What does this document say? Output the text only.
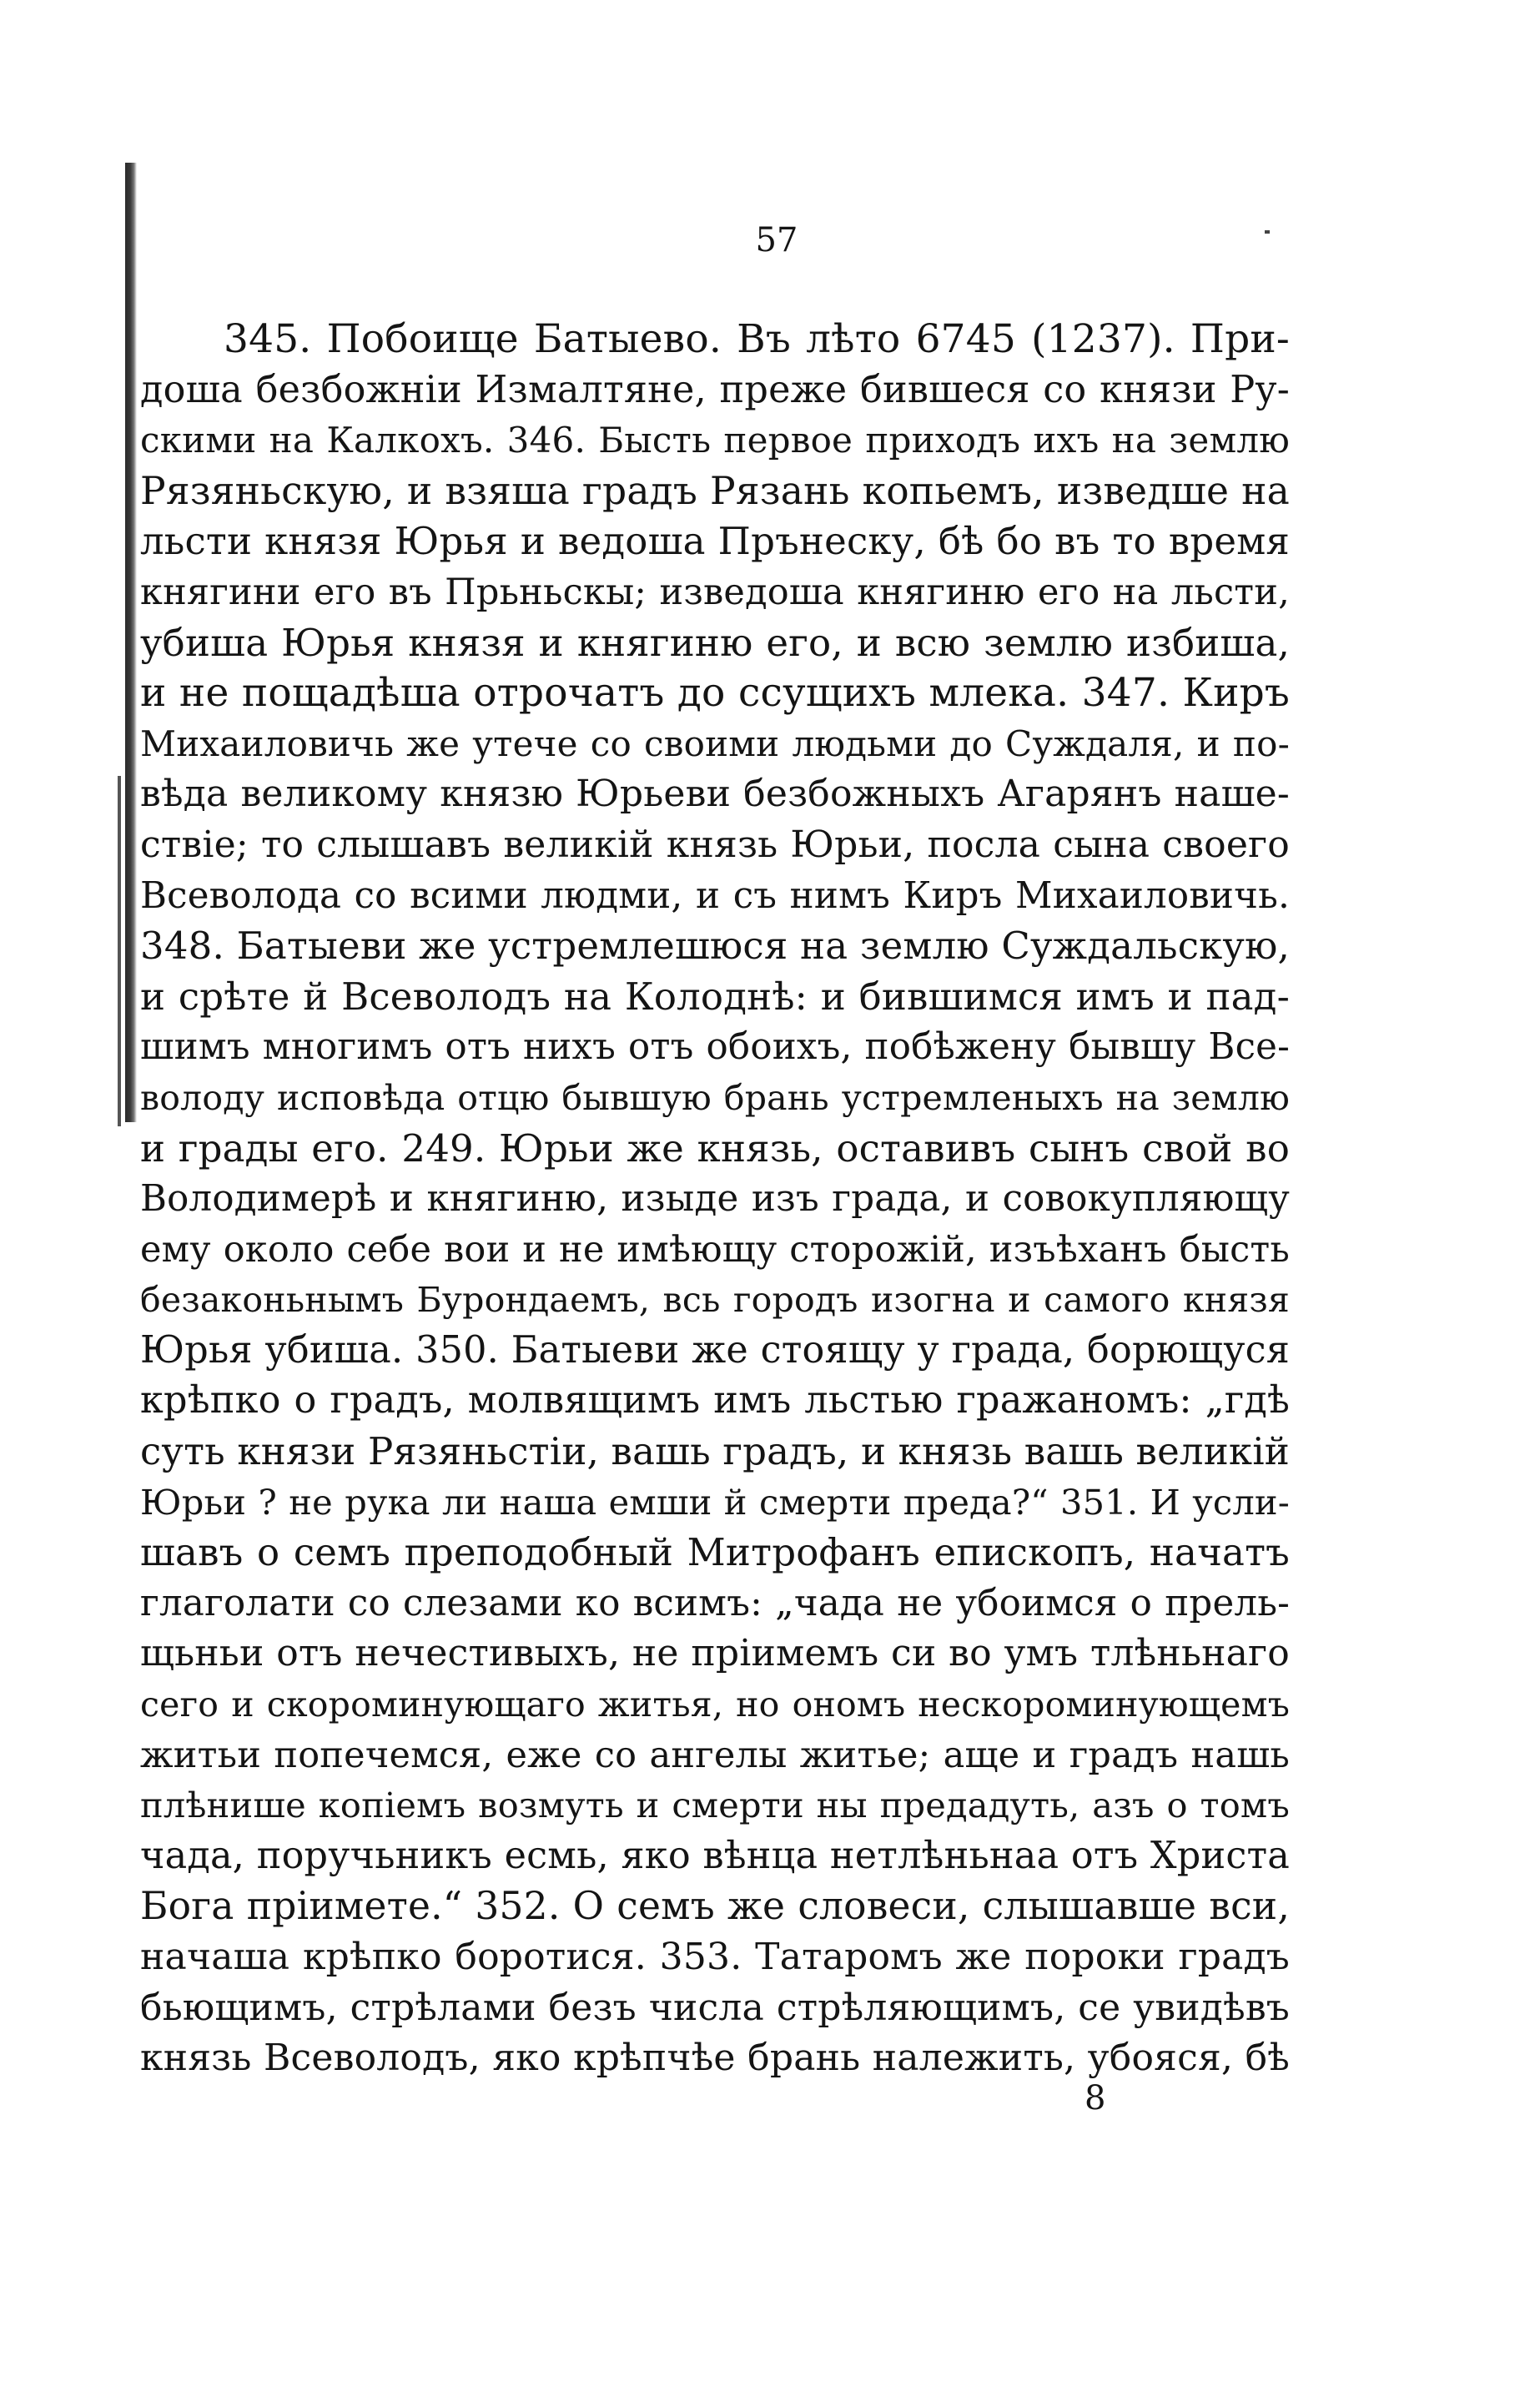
57
345. Побоище Батыево. Въ лѣто 6745 (1237). При-
доша безбожніи Измалтяне, преже бившеся со князи Ру-
скими на Калкохъ. 346. Бысть первое приходъ ихъ на землю
Рязяньскую, и взяша градъ Рязань копьемъ, изведше на
льсти князя Юрья и ведоша Прънеску, бѣ бо въ то время
княгини его въ Прьньскы; изведоша княгиню его на льсти,
убиша Юрья князя и княгиню его, и всю землю избиша,
и не пощадѣша отрочатъ до ссущихъ млека. 347. Киръ
Михаиловичь же утече со своими людьми до Суждаля, и по-
вѣда великому князю Юрьеви безбожныхъ Агарянъ наше-
ствіе; то слышавъ великій князь Юрьи, посла сына своего
Всеволода со всими людми, и съ нимъ Киръ Михаиловичь.
348. Батыеви же устремлешюся на землю Суждальскую,
и срѣте й Всеволодъ на Колоднѣ: и бившимся имъ и пад-
шимъ многимъ отъ нихъ отъ обоихъ, побѣжену бывшу Все-
володу исповѣда отцю бывшую брань устремленыхъ на землю
и грады его. 249. Юрьи же князь, оставивъ сынъ свой во
Володимерѣ и княгиню, изыде изъ града, и совокупляющу
ему около себе вои и не имѣющу сторожій, изъѣханъ бысть
безаконьнымъ Бурондаемъ, всь городъ изогна и самого князя
Юрья убиша. 350. Батыеви же стоящу у града, борющуся
крѣпко о градъ, молвящимъ имъ льстью гражаномъ: „гдѣ
суть князи Рязяньстіи, вашь градъ, и князь вашь великій
Юрьи ? не рука ли наша емши й смерти преда?“ 351. И усли-
шавъ о семъ преподобный Митрофанъ епископъ, начатъ
глаголати со слезами ко всимъ: „чада не убоимся о прель-
щьньи отъ нечестивыхъ, не пріимемъ си во умъ тлѣньнаго
сего и скороминующаго житья, но ономъ нескороминующемъ
житьи попечемся, еже со ангелы житье; аще и градъ нашь
плѣнише копіемъ возмуть и смерти ны предадуть, азъ о томъ
чада, поручьникъ есмь, яко вѣнца нетлѣньнаа отъ Христа
Бога пріимете.“ 352. О семъ же словеси, слышавше вси,
начаша крѣпко боротися. 353. Татаромъ же пороки градъ
бьющимъ, стрѣлами безъ числа стрѣляющимъ, се увидѣвъ
князь Всеволодъ, яко крѣпчѣе брань належить, убояся, бѣ
8
